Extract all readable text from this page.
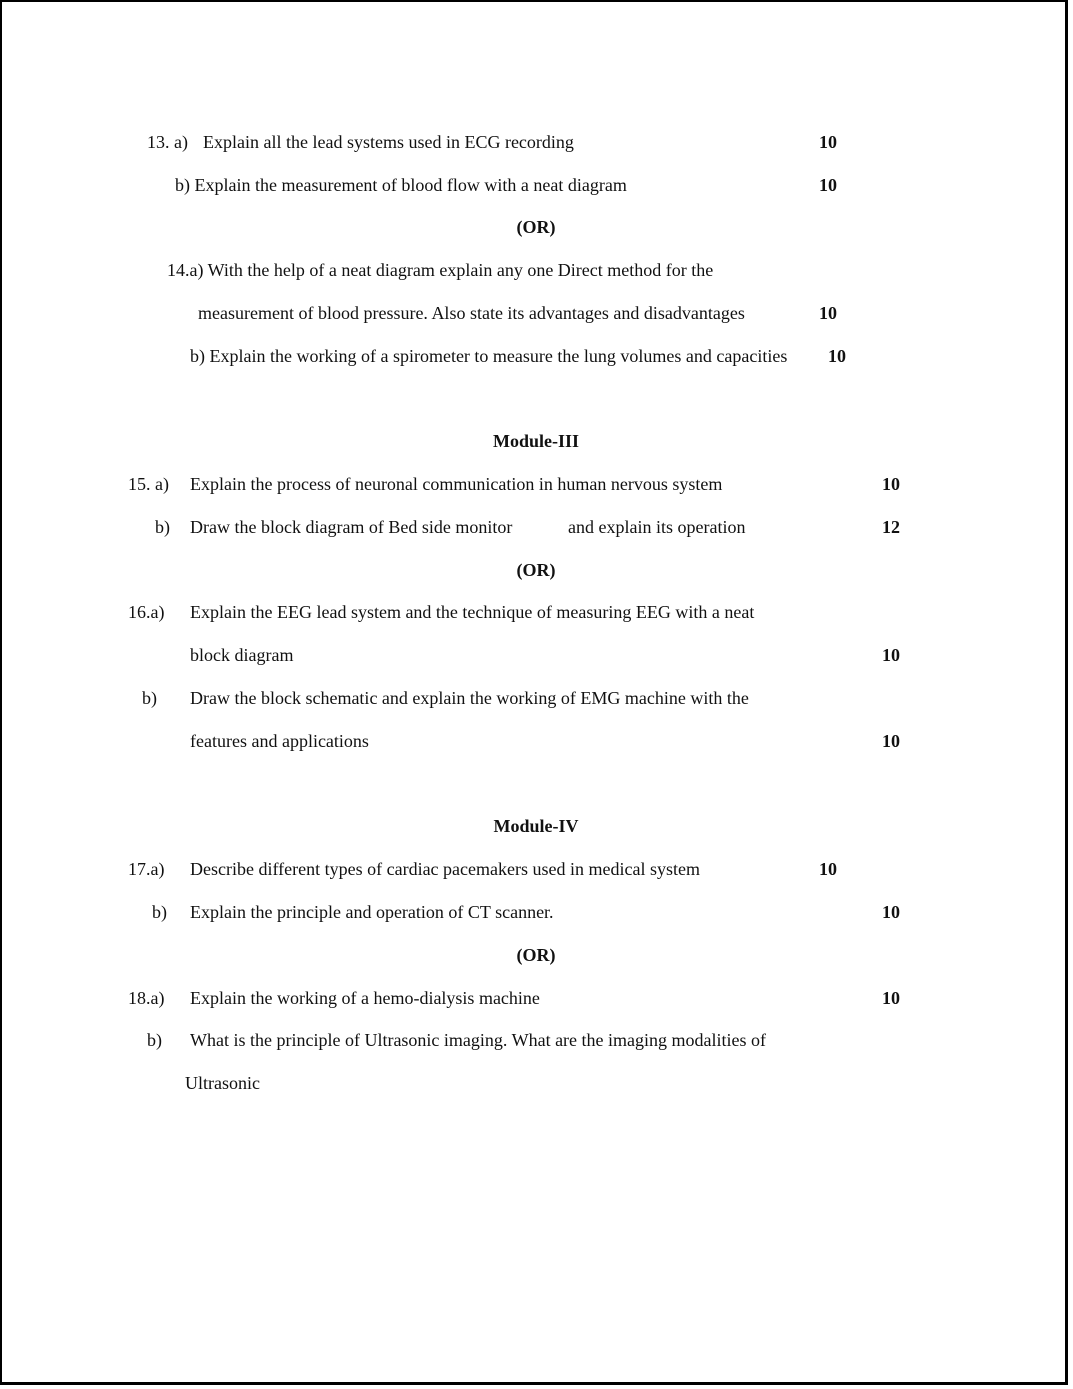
13. a) Explain all the lead systems used in ECG recording	10

b) Explain the measurement of blood flow with a neat diagram	10

(OR)

14.a) With the help of a neat diagram explain any one Direct method for the

measurement of blood pressure. Also state its advantages and disadvantages	10

b) Explain the working of a spirometer to measure the lung volumes and capacities 10

Module-III

15. a) Explain the process of neuronal communication in human nervous system	10

b) Draw the block diagram of Bed side monitor	and explain its operation	12

(OR)

16.a) Explain the EEG lead system and the technique of measuring EEG with a neat

block diagram	10

b) Draw the block schematic and explain the working of EMG machine with the

features and applications	10

Module-IV

17.a) Describe different types of cardiac pacemakers used in medical system	10

b) Explain the principle and operation of CT scanner.	10

(OR)

18.a) Explain the working of a hemo-dialysis machine	10

b) What is the principle of Ultrasonic imaging. What are the imaging modalities of

Ultrasonic
